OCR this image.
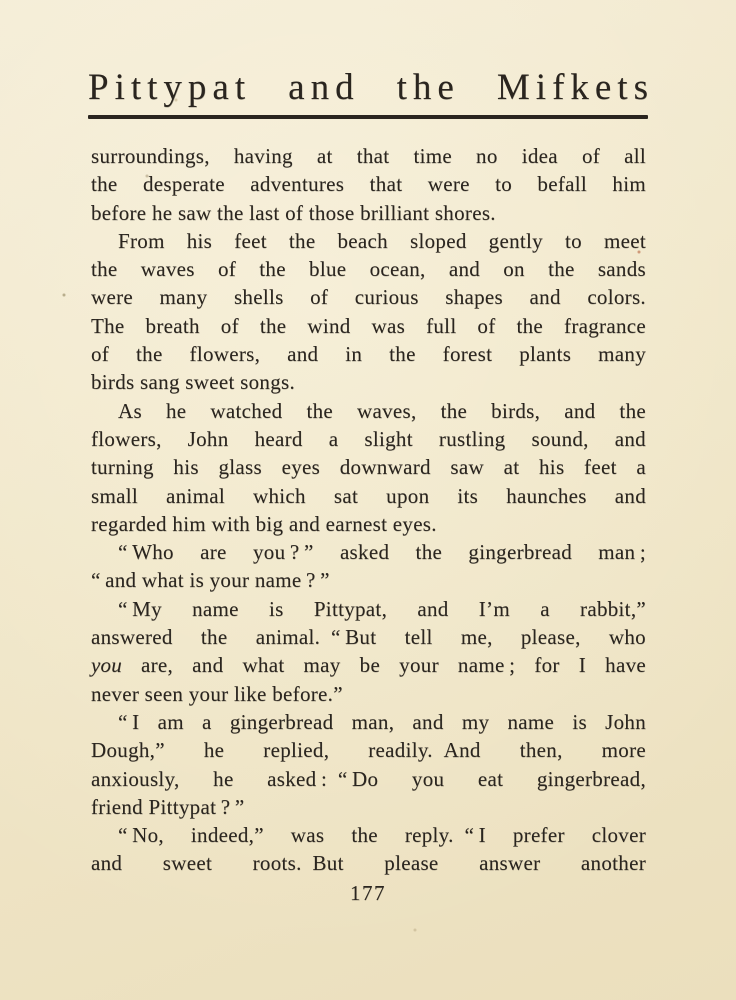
Pittypat and the Mifkets
surroundings, having at that time no idea of all
the desperate adventures that were to befall him
before he saw the last of those brilliant shores.
From his feet the beach sloped gently to meet
the waves of the blue ocean, and on the sands
were many shells of curious shapes and colors.
The breath of the wind was full of the fragrance
of the flowers, and in the forest plants many
birds sang sweet songs.
As he watched the waves, the birds, and the
flowers, John heard a slight rustling sound, and
turning his glass eyes downward saw at his feet a
small animal which sat upon its haunches and
regarded him with big and earnest eyes.
“ Who are you ? ” asked the gingerbread man ;
“ and what is your name ? ”
“ My name is Pittypat, and I’m a rabbit,”
answered the animal. “ But tell me, please, who
you are, and what may be your name ; for I have
never seen your like before.”
“ I am a gingerbread man, and my name is John
Dough,” he replied, readily. And then, more
anxiously, he asked : “ Do you eat gingerbread,
friend Pittypat ? ”
“ No, indeed,” was the reply. “ I prefer clover
and sweet roots. But please answer another
177
